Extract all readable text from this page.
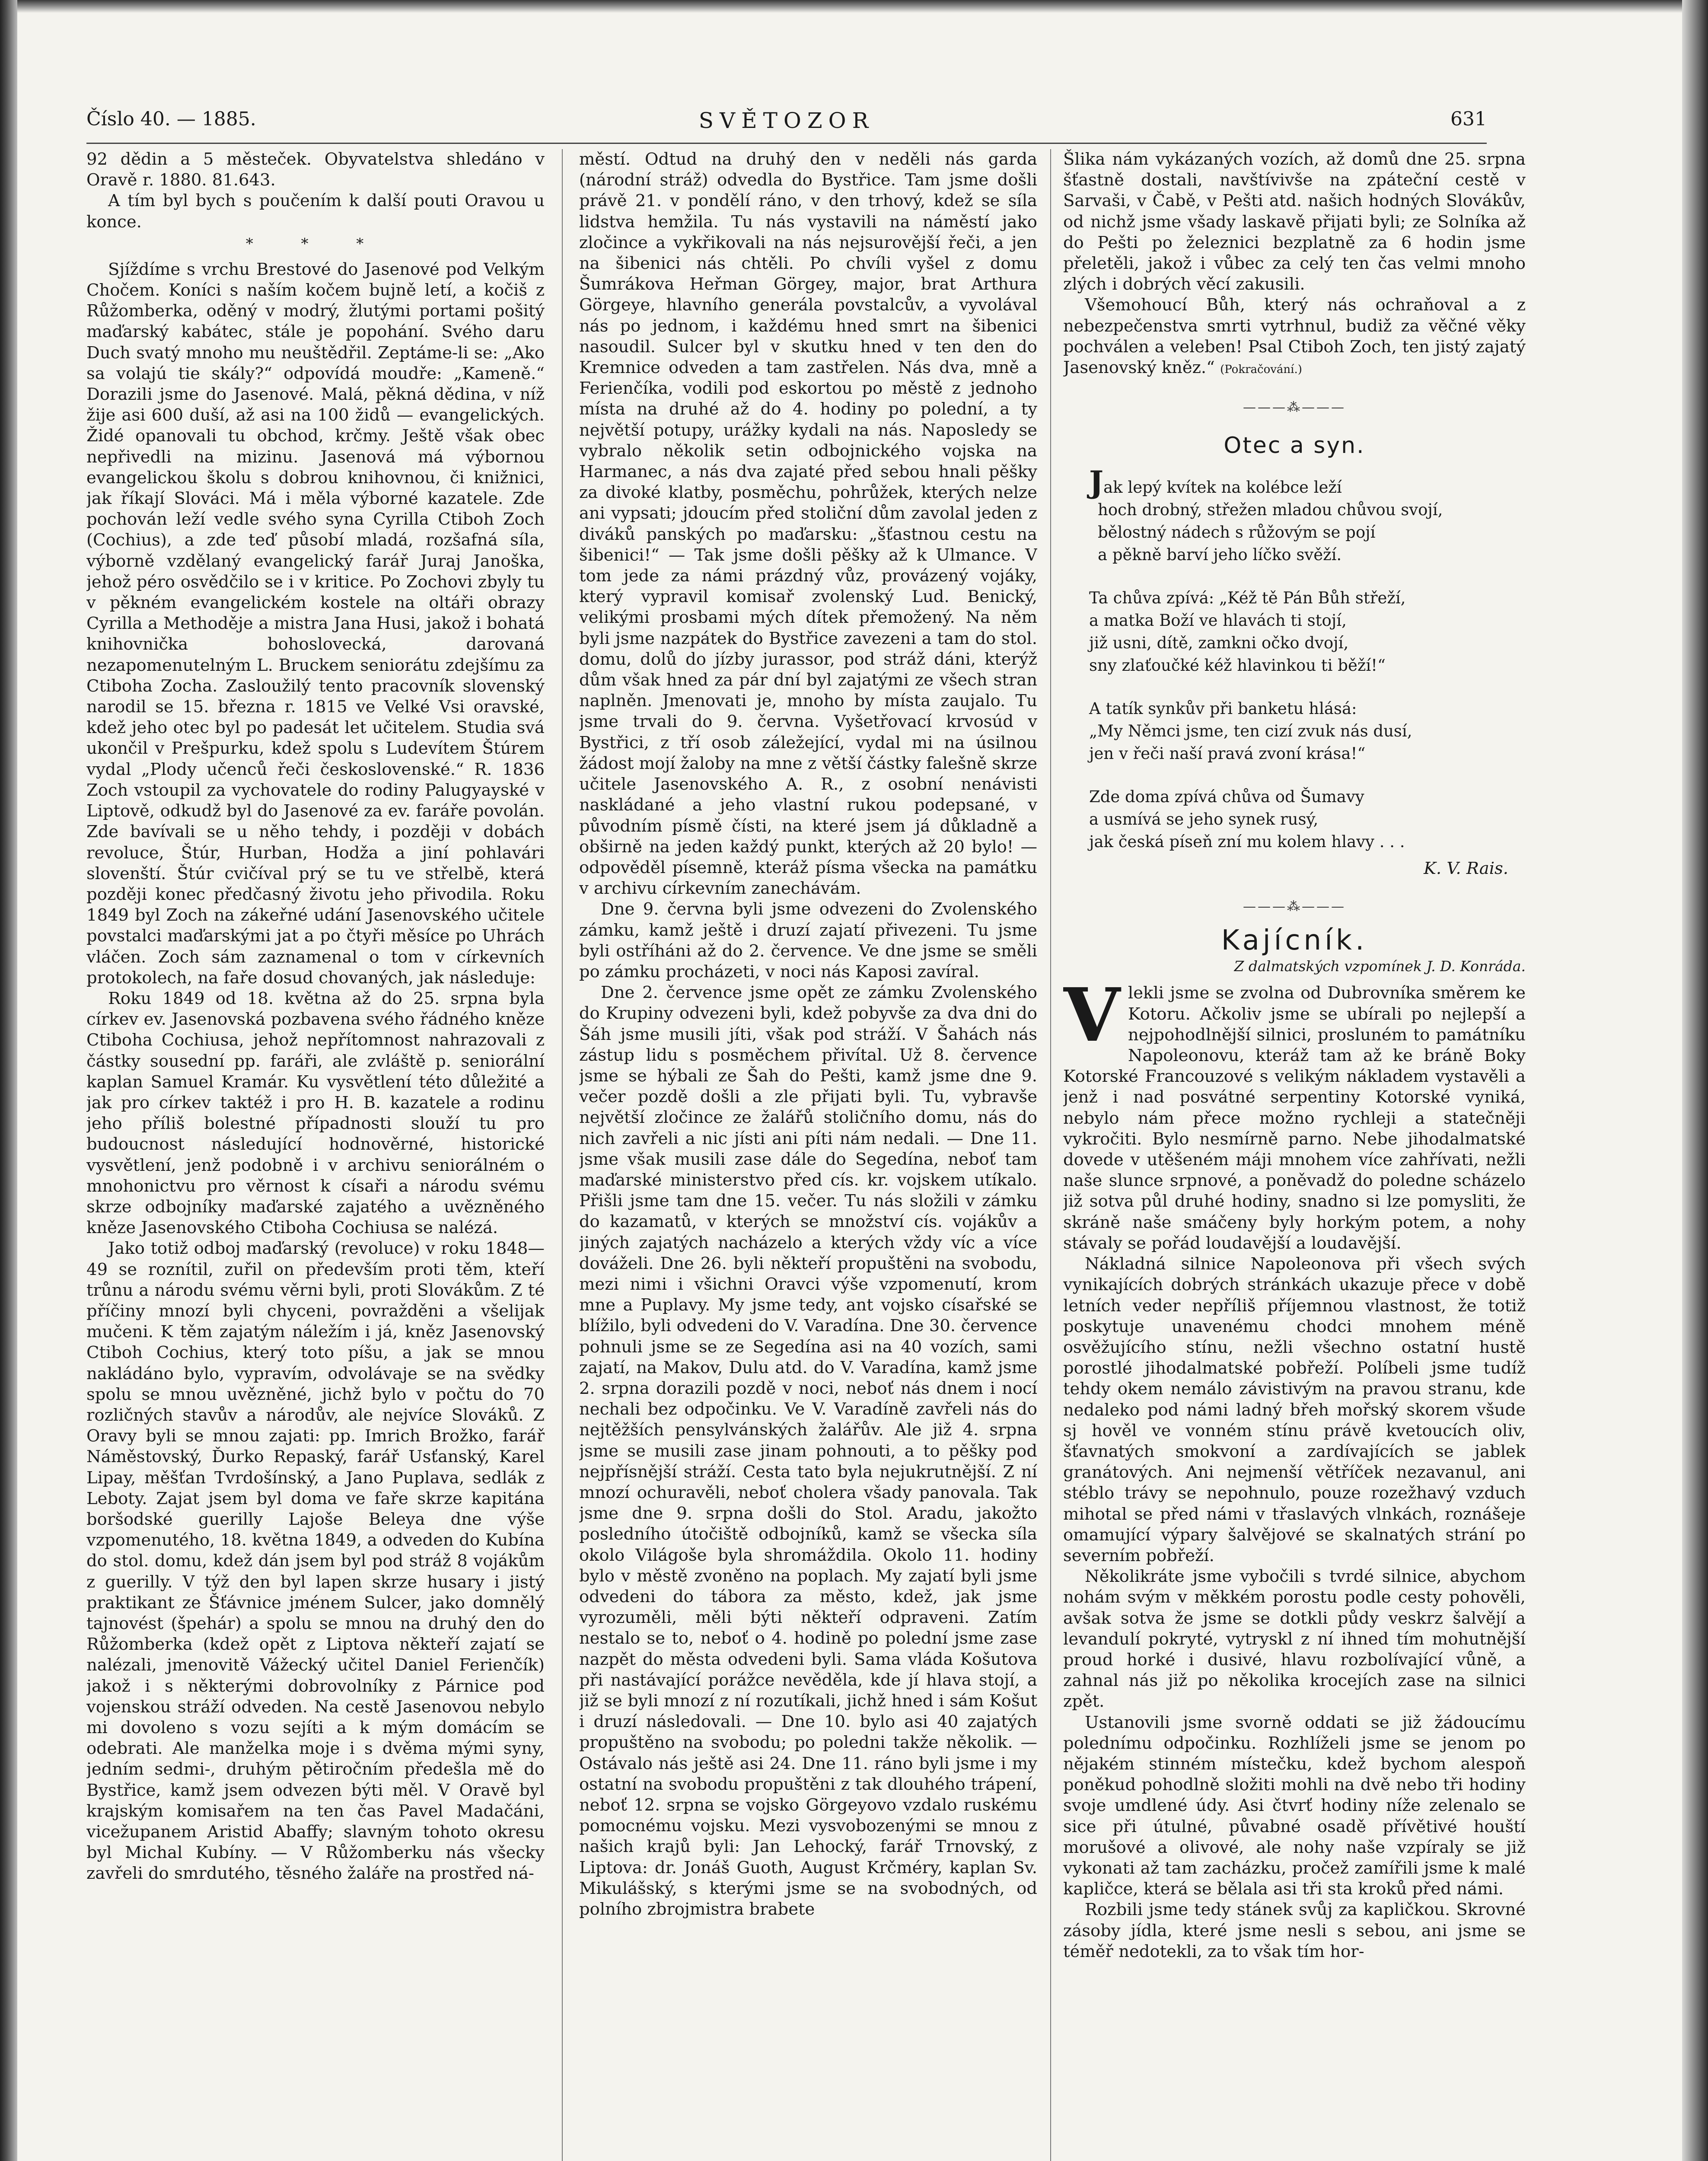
Číslo 40. — 1885.	SVĚTOZOR	631

92 dědin a 5 městeček. Obyvatelstva shledáno v Oravě r. 1880. 81.643.

A tím byl bych s poučením k další pouti Oravou u konce.

* * *

Sjíždíme s vrchu Brestové do Jasenové pod Velkým Chočem. Koníci s naším kočem bujně letí, a kočiš z Růžomberka, oděný v modrý, žlutými portami pošitý maďarský kabátec, stále je popohání. Svého daru Duch svatý mnoho mu neuštědřil. Zeptáme-li se: „Ako sa volajú tie skály?“ odpovídá moudře: „Kameně.“ Dorazili jsme do Jasenové. Malá, pěkná dědina, v níž žije asi 600 duší, až asi na 100 židů — evangelických. Židé opanovali tu obchod, krčmy. Ještě však obec nepřivedli na mizinu. Jasenová má výbornou evangelickou školu s dobrou knihovnou, či knižnici, jak říkají Slováci. Má i měla výborné kazatele. Zde pochován leží vedle svého syna Cyrilla Ctiboh Zoch (Cochius), a zde teď působí mladá, rozšafná síla, výborně vzdělaný evangelický farář Juraj Janoška, jehož péro osvědčilo se i v kritice. Po Zochovi zbyly tu v pěkném evangelickém kostele na oltáři obrazy Cyrilla a Methoděje a mistra Jana Husi, jakož i bohatá knihovnička bohoslovecká, darovaná nezapomenutelným L. Bruckem seniorátu zdejšímu za Ctiboha Zocha. Zasloužilý tento pracovník slovenský narodil se 15. března r. 1815 ve Velké Vsi oravské, kdež jeho otec byl po padesát let učitelem. Studia svá ukončil v Prešpurku, kdež spolu s Ludevítem Štúrem vydal „Plody učenců řeči československé.“ R. 1836 Zoch vstoupil za vychovatele do rodiny Palugyayské v Liptově, odkudž byl do Jasenové za ev. faráře povolán. Zde bavívali se u něho tehdy, i později v dobách revoluce, Štúr, Hurban, Hodža a jiní pohlavári slovenští. Štúr cvičíval prý se tu ve střelbě, která později konec předčasný životu jeho přivodila. Roku 1849 byl Zoch na zákeřné udání Jasenovského učitele povstalci maďarskými jat a po čtyři měsíce po Uhrách vláčen. Zoch sám zaznamenal o tom v církevních protokolech, na faře dosud chovaných, jak následuje:

Roku 1849 od 18. května až do 25. srpna byla církev ev. Jasenovská pozbavena svého řádného kněze Ctiboha Cochiusa, jehož nepřítomnost nahrazovali z částky sousední pp. faráři, ale zvláště p. seniorální kaplan Samuel Kramár. Ku vysvětlení této důležité a jak pro církev taktéž i pro H. B. kazatele a rodinu jeho příliš bolestné případnosti slouží tu pro budoucnost následující hodnověrné, historické vysvětlení, jenž podobně i v archivu seniorálném o mnohonictvu pro věrnost k císaři a národu svému skrze odbojníky maďarské zajatého a uvězněného kněze Jasenovského Ctiboha Cochiusa se nalézá.

Jako totiž odboj maďarský (revoluce) v roku 1848—49 se roznítil, zuřil on především proti těm, kteří trůnu a národu svému věrni byli, proti Slovákům. Z té příčiny mnozí byli chyceni, povražděni a všelijak mučeni. K těm zajatým náležím i já, kněz Jasenovský Ctiboh Cochius, který toto píšu, a jak se mnou nakládáno bylo, vypravím, odvolávaje se na svědky spolu se mnou uvězněné, jichž bylo v počtu do 70 rozličných stavův a národův, ale nejvíce Slováků. Z Oravy byli se mnou zajati: pp. Imrich Brožko, farář Náměstovský, Ďurko Repaský, farář Usťanský, Karel Lipay, měšťan Tvrdošínský, a Jano Puplava, sedlák z Leboty. Zajat jsem byl doma ve faře skrze kapitána boršodské guerilly Lajoše Beleya dne výše vzpomenutého, 18. května 1849, a odveden do Kubína do stol. domu, kdež dán jsem byl pod stráž 8 vojákům z guerilly. V týž den byl lapen skrze husary i jistý praktikant ze Šťávnice jménem Sulcer, jako domnělý tajnovést (špehár) a spolu se mnou na druhý den do Růžomberka (kdež opět z Liptova někteří zajatí se nalézali, jmenovitě Vážecký učitel Daniel Ferienčík) jakož i s některými dobrovolníky z Párnice pod vojenskou stráží odveden. Na cestě Jasenovou nebylo mi dovoleno s vozu sejíti a k mým domácím se odebrati. Ale manželka moje i s dvěma mými syny, jedním sedmi-, druhým pětiročním předešla mě do Bystřice, kamž jsem odvezen býti měl. V Oravě byl krajským komisařem na ten čas Pavel Madačáni, vicežupanem Aristid Abaffy; slavným tohoto okresu byl Michal Kubíny. — V Růžomberku nás všecky zavřeli do smrdutého, těsného žaláře na prostřed ná-

městí. Odtud na druhý den v neděli nás garda (národní stráž) odvedla do Bystřice. Tam jsme došli právě 21. v pondělí ráno, v den trhový, kdež se síla lidstva hemžila. Tu nás vystavili na náměstí jako zločince a vykřikovali na nás nejsurovější řeči, a jen na šibenici nás chtěli. Po chvíli vyšel z domu Šumrákova Heřman Görgey, major, brat Arthura Görgeye, hlavního generála povstalcův, a vyvolával nás po jednom, i každému hned smrt na šibenici nasoudil. Sulcer byl v skutku hned v ten den do Kremnice odveden a tam zastřelen. Nás dva, mně a Ferienčíka, vodili pod eskortou po městě z jednoho místa na druhé až do 4. hodiny po polední, a ty největší potupy, urážky kydali na nás. Naposledy se vybralo několik setin odbojnického vojska na Harmanec, a nás dva zajaté před sebou hnali pěšky za divoké klatby, posměchu, pohrůžek, kterých nelze ani vypsati; jdoucím před stoliční dům zavolal jeden z diváků panských po maďarsku: „šťastnou cestu na šibenici!“ — Tak jsme došli pěšky až k Ulmance. V tom jede za námi prázdný vůz, provázený vojáky, který vypravil komisař zvolenský Lud. Benický, velikými prosbami mých dítek přemožený. Na něm byli jsme nazpátek do Bystřice zavezeni a tam do stol. domu, dolů do jízby jurassor, pod stráž dáni, kterýž dům však hned za pár dní byl zajatými ze všech stran naplněn. Jmenovati je, mnoho by místa zaujalo. Tu jsme trvali do 9. června. Vyšetřovací krvosúd v Bystřici, z tří osob záležející, vydal mi na úsilnou žádost mojí žaloby na mne z větší částky falešně skrze učitele Jasenovského A. R., z osobní nenávisti naskládané a jeho vlastní rukou podepsané, v původním písmě čísti, na které jsem já důkladně a obširně na jeden každý punkt, kterých až 20 bylo! — odpověděl písemně, kteráž písma všecka na památku v archivu církevním zanechávám.

Dne 9. června byli jsme odvezeni do Zvolenského zámku, kamž ještě i druzí zajatí přivezeni. Tu jsme byli ostříháni až do 2. července. Ve dne jsme se směli po zámku procházeti, v noci nás Kaposi zavíral.

Dne 2. července jsme opět ze zámku Zvolenského do Krupiny odvezeni byli, kdež pobyvše za dva dni do Šáh jsme musili jíti, však pod stráží. V Šahách nás zástup lidu s posměchem přivítal. Už 8. července jsme se hýbali ze Šah do Pešti, kamž jsme dne 9. večer pozdě došli a zle přijati byli. Tu, vybravše největší zločince ze žalářů stoličního domu, nás do nich zavřeli a nic jísti ani píti nám nedali. — Dne 11. jsme však musili zase dále do Segedína, neboť tam maďarské ministerstvo před cís. kr. vojskem utíkalo. Přišli jsme tam dne 15. večer. Tu nás složili v zámku do kazamatů, v kterých se množství cís. vojákův a jiných zajatých nacházelo a kterých vždy víc a více dováželi. Dne 26. byli někteří propuštěni na svobodu, mezi nimi i všichni Oravci výše vzpomenutí, krom mne a Puplavy. My jsme tedy, ant vojsko císařské se blížilo, byli odvedeni do V. Varadína. Dne 30. července pohnuli jsme se ze Segedína asi na 40 vozích, sami zajatí, na Makov, Dulu atd. do V. Varadína, kamž jsme 2. srpna dorazili pozdě v noci, neboť nás dnem i nocí nechali bez odpočinku. Ve V. Varadíně zavřeli nás do nejtěžších pensylvánských žalářův. Ale již 4. srpna jsme se musili zase jinam pohnouti, a to pěšky pod nejpřísnější stráží. Cesta tato byla nejukrutnější. Z ní mnozí ochuravěli, neboť cholera všady panovala. Tak jsme dne 9. srpna došli do Stol. Aradu, jakožto posledního útočiště odbojníků, kamž se všecka síla okolo Világoše byla shromáždila. Okolo 11. hodiny bylo v městě zvoněno na poplach. My zajatí byli jsme odvedeni do tábora za město, kdež, jak jsme vyrozuměli, měli býti někteří odpraveni. Zatím nestalo se to, neboť o 4. hodině po polední jsme zase nazpět do města odvedeni byli. Sama vláda Košutova při nastávající porážce nevěděla, kde jí hlava stojí, a již se byli mnozí z ní rozutíkali, jichž hned i sám Košut i druzí následovali. — Dne 10. bylo asi 40 zajatých propuštěno na svobodu; po poledni takže několik. — Ostávalo nás ještě asi 24. Dne 11. ráno byli jsme i my ostatní na svobodu propuštěni z tak dlouhého trápení, neboť 12. srpna se vojsko Görgeyovo vzdalo ruskému pomocnému vojsku. Mezi vysvobozenými se mnou z našich krajů byli: Jan Lehocký, farář Trnovský, z Liptova: dr. Jonáš Guoth, August Krčméry, kaplan Sv. Mikulášský, s kterými jsme se na svobodných, od polního zbrojmistra brabete

Šlika nám vykázaných vozích, až domů dne 25. srpna šťastně dostali, navštívivše na zpáteční cestě v Sarvaši, v Čabě, v Pešti atd. našich hodných Slovákův, od nichž jsme všady laskavě přijati byli; ze Solníka až do Pešti po železnici bezplatně za 6 hodin jsme přeletěli, jakož i vůbec za celý ten čas velmi mnoho zlých i dobrých věcí zakusili.

Všemohoucí Bůh, který nás ochraňoval a z nebezpečenstva smrti vytrhnul, budiž za věčné věky pochválen a veleben! Psal Ctiboh Zoch, ten jistý zajatý Jasenovský kněz.“ (Pokračování.)

———⁂———
Otec a syn.
Jak lepý kvítek na kolébce leží
hoch drobný, střežen mladou chůvou svojí,
bělostný nádech s růžovým se pojí
a pěkně barví jeho líčko svěží.
Ta chůva zpívá: „Kéž tě Pán Bůh střeží,
a matka Boží ve hlavách ti stojí,
již usni, dítě, zamkni očko dvojí,
sny zlaťoučké kéž hlavinkou ti běží!“
A tatík synkův při banketu hlásá:
„My Němci jsme, ten cizí zvuk nás dusí,
jen v řeči naší pravá zvoní krása!“
Zde doma zpívá chůva od Šumavy
a usmívá se jeho synek rusý,
jak česká píseň zní mu kolem hlavy . . .
K. V. Rais.
———⁂———
Kajícník.
Z dalmatských vzpomínek J. D. Konráda.

Vlekli jsme se zvolna od Dubrovníka směrem ke Kotoru. Ačkoliv jsme se ubírali po nejlepší a nejpohodlnější silnici, prosluném to památníku Napoleonovu, kteráž tam až ke bráně Boky Kotorské Francouzové s velikým nákladem vystavěli a jenž i nad posvátné serpentiny Kotorské vyniká, nebylo nám přece možno rychleji a statečněji vykročiti. Bylo nesmírně parno. Nebe jihodalmatské dovede v utěšeném máji mnohem více zahřívati, nežli naše slunce srpnové, a poněvadž do poledne scházelo již sotva půl druhé hodiny, snadno si lze pomysliti, že skráně naše smáčeny byly horkým potem, a nohy stávaly se pořád loudavější a loudavější.

Nákladná silnice Napoleonova při všech svých vynikajících dobrých stránkách ukazuje přece v době letních veder nepříliš příjemnou vlastnost, že totiž poskytuje unavenému chodci mnohem méně osvěžujícího stínu, nežli všechno ostatní hustě porostlé jihodalmatské pobřeží. Políbeli jsme tudíž tehdy okem nemálo závistivým na pravou stranu, kde nedaleko pod námi ladný břeh mořský skorem všude sj hověl ve vonném stínu právě kvetoucích oliv, šťavnatých smokvoní a zardívajících se jablek granátových. Ani nejmenší větříček nezavanul, ani stéblo trávy se nepohnulo, pouze rozežhavý vzduch mihotal se před námi v třaslavých vlnkách, roznášeje omamující výpary šalvějové se skalnatých strání po severním pobřeží.

Několikráte jsme vybočili s tvrdé silnice, abychom nohám svým v měkkém porostu podle cesty pohověli, avšak sotva že jsme se dotkli půdy veskrz šalvějí a levandulí pokryté, vytryskl z ní ihned tím mohutnější proud horké i dusivé, hlavu rozbolívající vůně, a zahnal nás již po několika krocejích zase na silnici zpět.

Ustanovili jsme svorně oddati se již žádoucímu polednímu odpočinku. Rozhlíželi jsme se jenom po nějakém stinném místečku, kdež bychom alespoň poněkud pohodlně složiti mohli na dvě nebo tři hodiny svoje umdlené údy. Asi čtvrť hodiny níže zelenalo se sice při útulné, půvabné osadě přívětivé houští morušové a olivové, ale nohy naše vzpíraly se již vykonati až tam zacházku, pročež zamířili jsme k malé kapličce, která se bělala asi tři sta kroků před námi.

Rozbili jsme tedy stánek svůj za kapličkou. Skrovné zásoby jídla, které jsme nesli s sebou, ani jsme se téměř nedotekli, za to však tím hor-
